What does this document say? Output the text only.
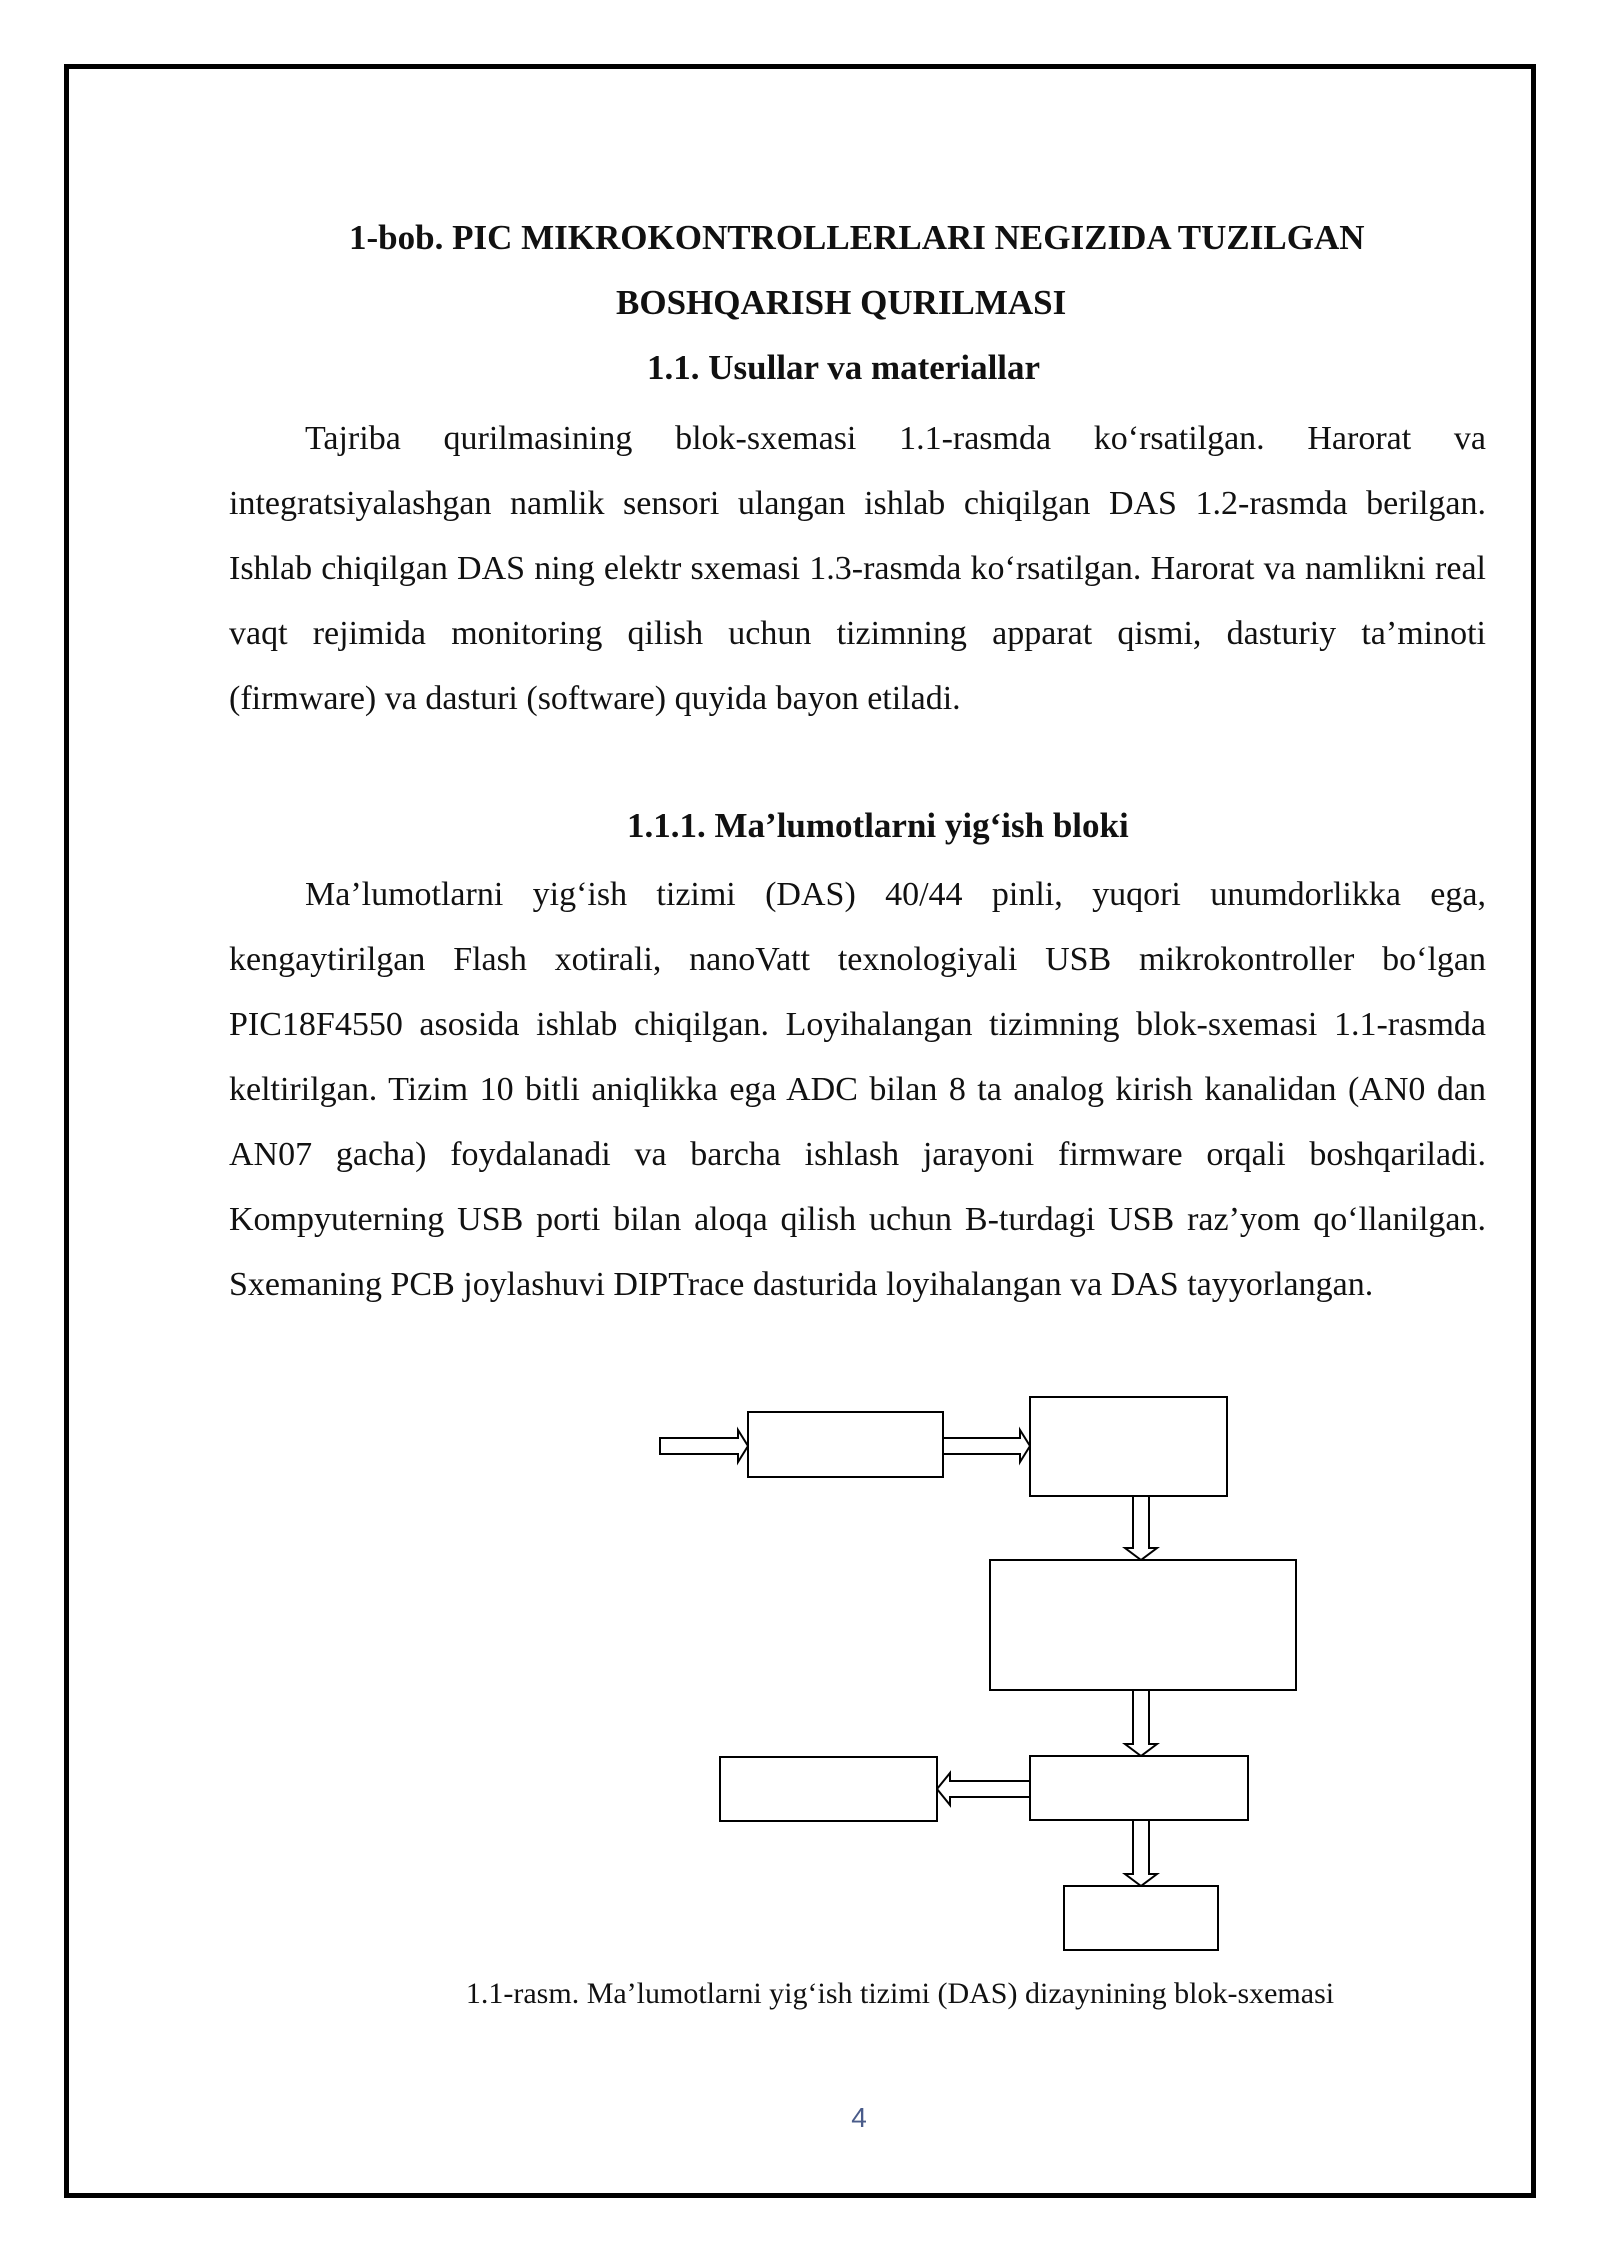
1-bob. PIC MIKROKONTROLLERLARI NEGIZIDA TUZILGAN
BOSHQARISH QURILMASI
1.1. Usullar va materiallar

Tajriba qurilmasining blok-sxemasi 1.1-rasmda ko‘rsatilgan. Harorat va integratsiyalashgan namlik sensori ulangan ishlab chiqilgan DAS 1.2-rasmda berilgan. Ishlab chiqilgan DAS ning elektr sxemasi 1.3-rasmda ko‘rsatilgan. Harorat va namlikni real vaqt rejimida monitoring qilish uchun tizimning apparat qismi, dasturiy ta’minoti (firmware) va dasturi (software) quyida bayon etiladi.

1.1.1. Ma’lumotlarni yig‘ish bloki

Ma’lumotlarni yig‘ish tizimi (DAS) 40/44 pinli, yuqori unumdorlikka ega, kengaytirilgan Flash xotirali, nanoVatt texnologiyali USB mikrokontroller bo‘lgan PIC18F4550 asosida ishlab chiqilgan. Loyihalangan tizimning blok-sxemasi 1.1-rasmda keltirilgan. Tizim 10 bitli aniqlikka ega ADC bilan 8 ta analog kirish kanalidan (AN0 dan AN07 gacha) foydalanadi va barcha ishlash jarayoni firmware orqali boshqariladi. Kompyuterning USB porti bilan aloqa qilish uchun B-turdagi USB raz’yom qo‘llanilgan. Sxemaning PCB joylashuvi DIPTrace dasturida loyihalangan va DAS tayyorlangan.

1.1-rasm. Ma’lumotlarni yig‘ish tizimi (DAS) dizaynining blok-sxemasi
4
